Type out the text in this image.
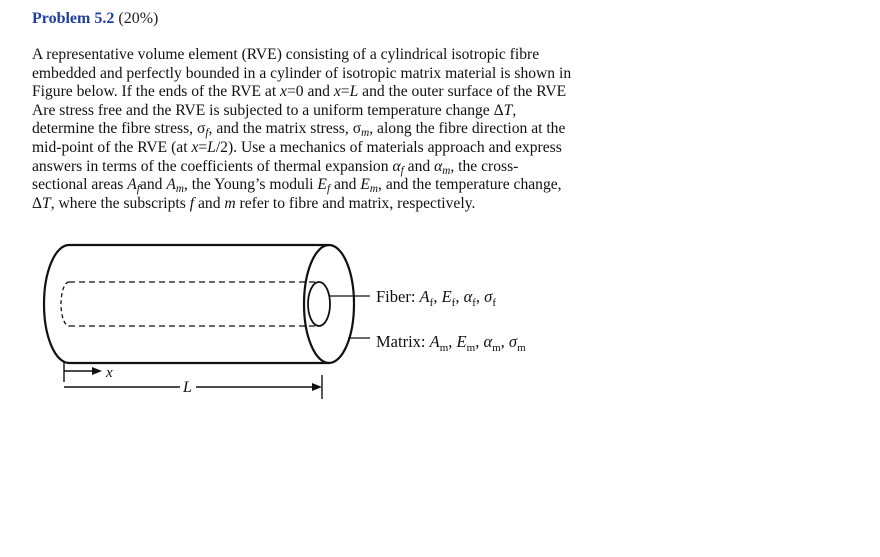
Problem 5.2 (20%)
A representative volume element (RVE) consisting of a cylindrical isotropic fibre
embedded and perfectly bounded in a cylinder of isotropic matrix material is shown in
Figure below. If the ends of the RVE at x=0 and x=L and the outer surface of the RVE
Are stress free and the RVE is subjected to a uniform temperature change ΔT,
determine the fibre stress, $\sigma_f$, and the matrix stress, $\sigma_m$, along the fibre direction at the
mid-point of the RVE (at x=L/2). Use a mechanics of materials approach and express
answers in terms of the coefficients of thermal expansion $\alpha_f$ and $\alpha_m$, the cross-
sectional areas $A_fand$ $A_m$, the Young’s moduli $E_f$ and $E_m$, and the temperature change,
ΔT, where the subscripts f and m refer to fibre and matrix, respectively.
Fiber: $A_f$, $E_f$, $\alpha_f$, $\sigma_f$
Matrix: $A_m$, $E_m$, $\alpha_m$, $\sigma_m$
x
L
